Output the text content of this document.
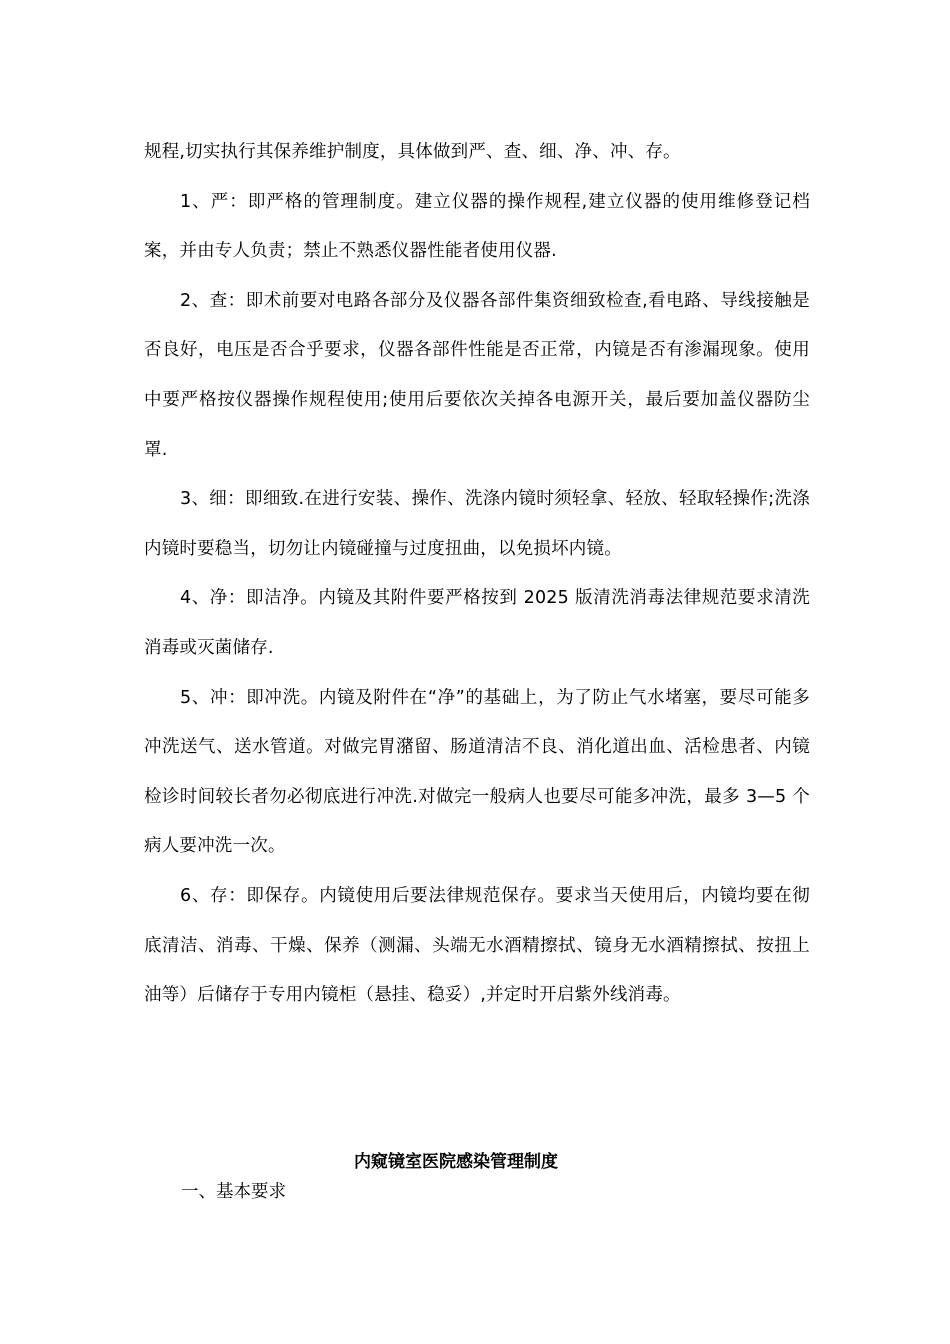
规程,切实执行其保养维护制度，具体做到严、查、细、净、冲、存。

1、严：即严格的管理制度。建立仪器的操作规程,建立仪器的使用维修登记档案，并由专人负责；禁止不熟悉仪器性能者使用仪器.

2、查：即术前要对电路各部分及仪器各部件集资细致检查,看电路、导线接触是否良好，电压是否合乎要求，仪器各部件性能是否正常，内镜是否有渗漏现象。使用中要严格按仪器操作规程使用;使用后要依次关掉各电源开关，最后要加盖仪器防尘罩.

3、细：即细致.在进行安装、操作、洗涤内镜时须轻拿、轻放、轻取轻操作;洗涤内镜时要稳当，切勿让内镜碰撞与过度扭曲，以免损坏内镜。

4、净：即洁净。内镜及其附件要严格按到 2025 版清洗消毒法律规范要求清洗消毒或灭菌储存.

5、冲：即冲洗。内镜及附件在“净”的基础上，为了防止气水堵塞，要尽可能多冲洗送气、送水管道。对做完胃潴留、肠道清洁不良、消化道出血、活检患者、内镜检诊时间较长者勿必彻底进行冲洗.对做完一般病人也要尽可能多冲洗，最多 3—5 个病人要冲洗一次。

6、存：即保存。内镜使用后要法律规范保存。要求当天使用后，内镜均要在彻底清洁、消毒、干燥、保养（测漏、头端无水酒精擦拭、镜身无水酒精擦拭、按扭上油等）后储存于专用内镜柜（悬挂、稳妥）,并定时开启紫外线消毒。

内窥镜室医院感染管理制度

一、基本要求
